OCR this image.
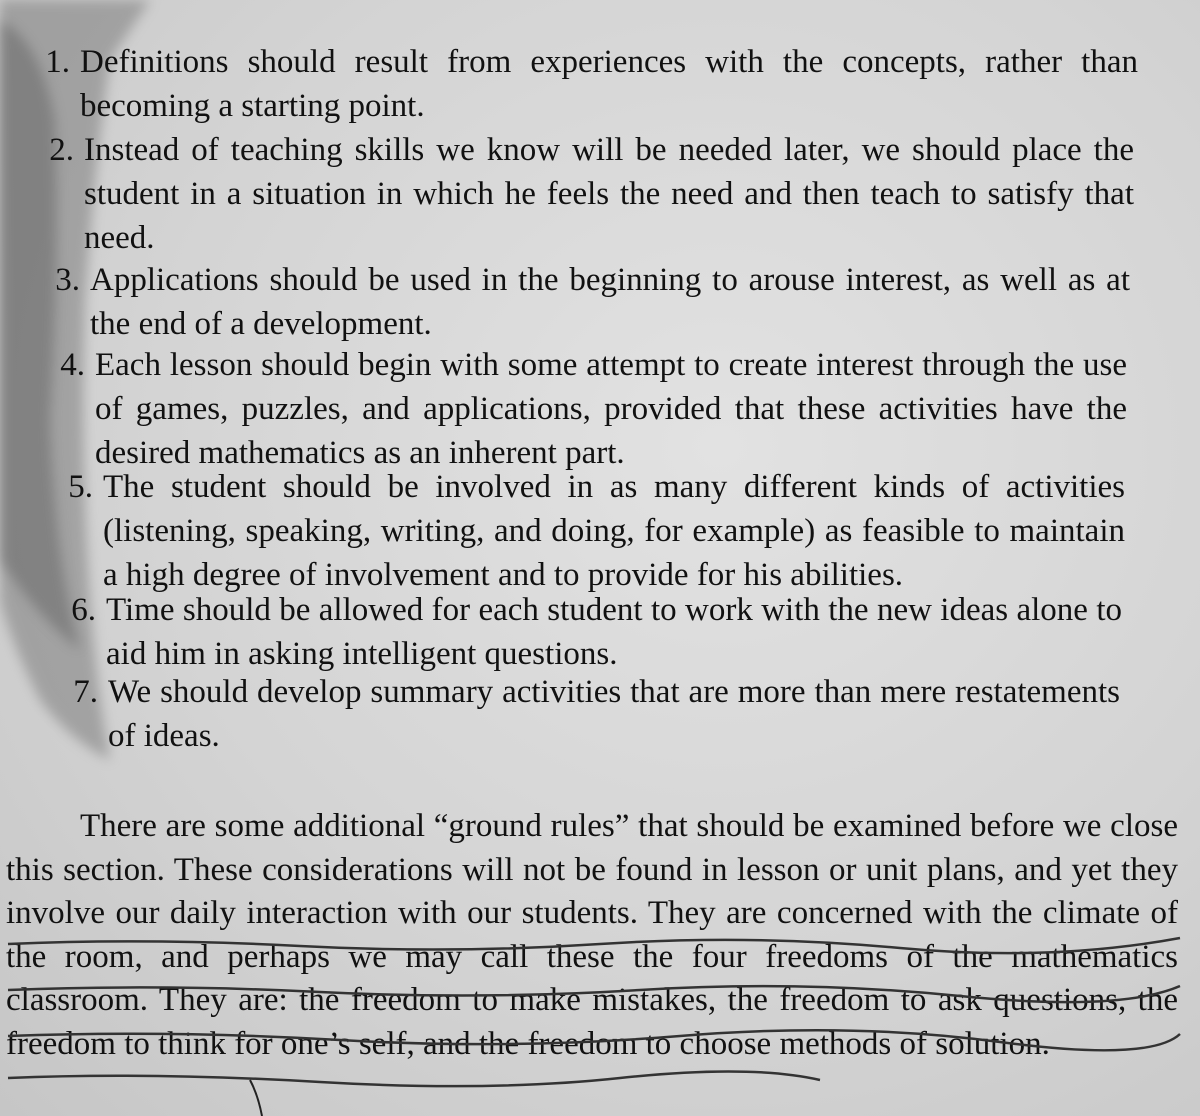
1. Definitions should result from experiences with the concepts, rather than becoming a starting point.
2. Instead of teaching skills we know will be needed later, we should place the student in a situation in which he feels the need and then teach to satisfy that need.
3. Applications should be used in the beginning to arouse interest, as well as at the end of a development.
4. Each lesson should begin with some attempt to create interest through the use of games, puzzles, and applications, provided that these activities have the desired mathematics as an inherent part.
5. The student should be involved in as many different kinds of activities (listening, speaking, writing, and doing, for example) as feasible to maintain a high degree of involvement and to provide for his abilities.
6. Time should be allowed for each student to work with the new ideas alone to aid him in asking intelligent questions.
7. We should develop summary activities that are more than mere restatements of ideas.

There are some additional “ground rules” that should be examined before we close this section. These considerations will not be found in lesson or unit plans, and yet they involve our daily interaction with our students. They are concerned with the climate of the room, and perhaps we may call these the four freedoms of the mathematics classroom. They are: the freedom to make mistakes, the freedom to ask questions, the freedom to think for one’s self, and the freedom to choose methods of solution.
